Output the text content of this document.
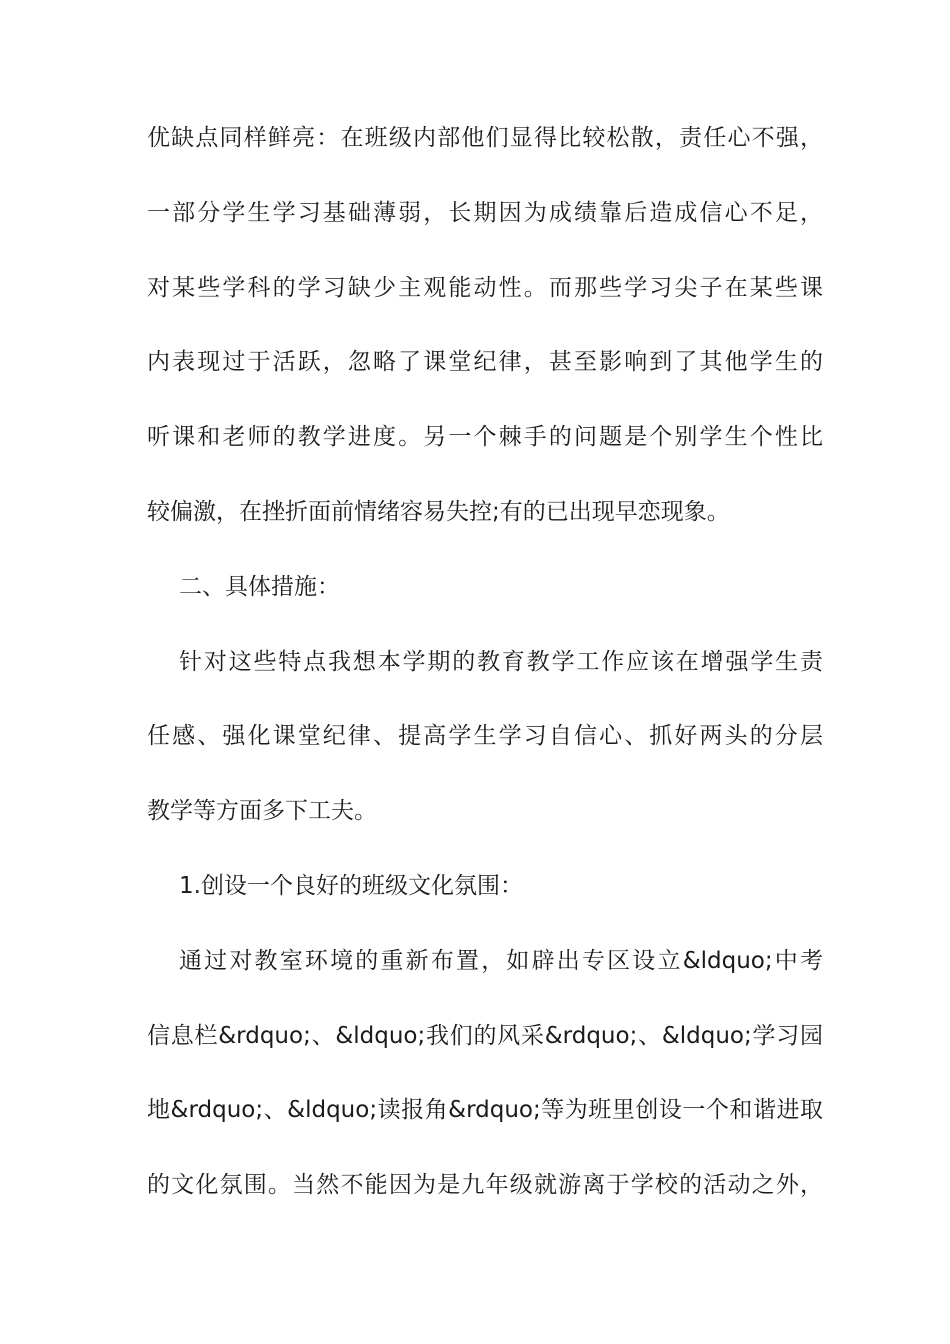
优缺点同样鲜亮：在班级内部他们显得比较松散，责任心不强，
一部分学生学习基础薄弱，长期因为成绩靠后造成信心不足，
对某些学科的学习缺少主观能动性。而那些学习尖子在某些课
内表现过于活跃，忽略了课堂纪律，甚至影响到了其他学生的
听课和老师的教学进度。另一个棘手的问题是个别学生个性比
较偏激，在挫折面前情绪容易失控;有的已出现早恋现象。
二、具体措施：
针对这些特点我想本学期的教育教学工作应该在增强学生责
任感、强化课堂纪律、提高学生学习自信心、抓好两头的分层
教学等方面多下工夫。
1.创设一个良好的班级文化氛围：
通过对教室环境的重新布置，如辟出专区设立&ldquo;中考
信息栏&rdquo;、&ldquo;我们的风采&rdquo;、&ldquo;学习园
地&rdquo;、&ldquo;读报角&rdquo;等为班里创设一个和谐进取
的文化氛围。当然不能因为是九年级就游离于学校的活动之外，
